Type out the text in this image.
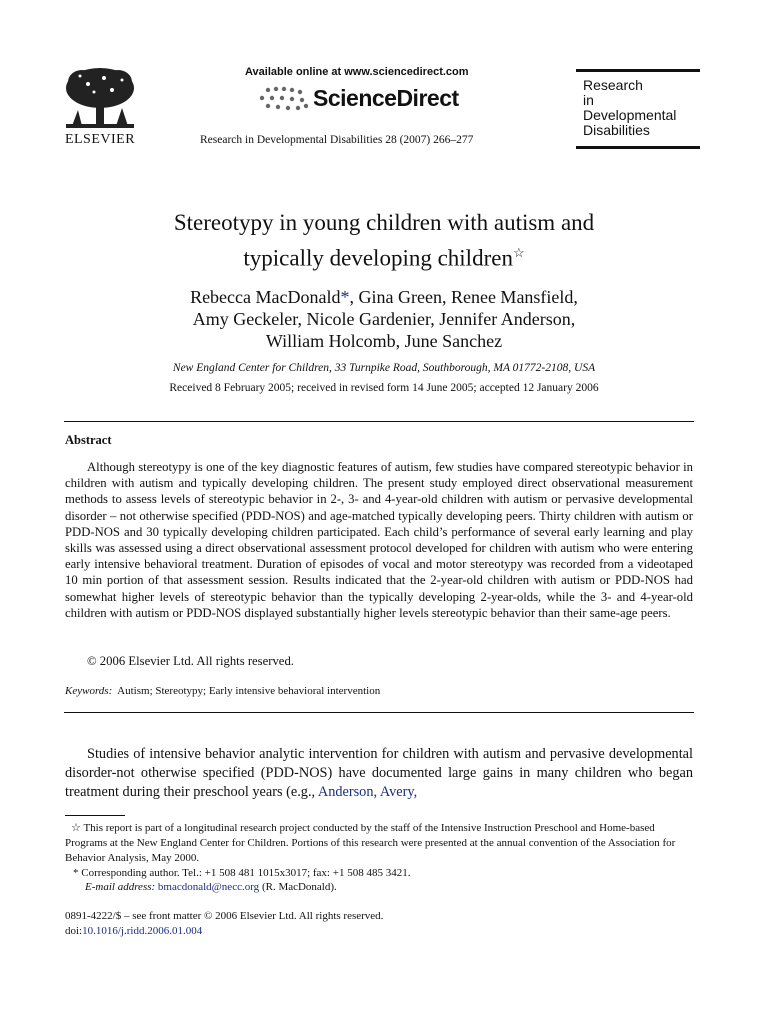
ELSEVIER
Available online at www.sciencedirect.com
ScienceDirect
Research in Developmental Disabilities 28 (2007) 266–277
Research
in
Developmental
Disabilities
Stereotypy in young children with autism and
typically developing children☆
Rebecca MacDonald*, Gina Green, Renee Mansfield,
Amy Geckeler, Nicole Gardenier, Jennifer Anderson,
William Holcomb, June Sanchez
New England Center for Children, 33 Turnpike Road, Southborough, MA 01772-2108, USA
Received 8 February 2005; received in revised form 14 June 2005; accepted 12 January 2006
Abstract

Although stereotypy is one of the key diagnostic features of autism, few studies have compared stereotypic behavior in children with autism and typically developing children. The present study employed direct observational measurement methods to assess levels of stereotypic behavior in 2-, 3- and 4-year-old children with autism or pervasive developmental disorder – not otherwise specified (PDD-NOS) and age-matched typically developing peers. Thirty children with autism or PDD-NOS and 30 typically developing children participated. Each child’s performance of several early learning and play skills was assessed using a direct observational assessment protocol developed for children with autism who were entering early intensive behavioral treatment. Duration of episodes of vocal and motor stereotypy was recorded from a videotaped 10 min portion of that assessment session. Results indicated that the 2-year-old children with autism or PDD-NOS had somewhat higher levels of stereotypic behavior than the typically developing 2-year-olds, while the 3- and 4-year-old children with autism or PDD-NOS displayed substantially higher levels stereotypic behavior than their same-age peers.

© 2006 Elsevier Ltd. All rights reserved.
Keywords: Autism; Stereotypy; Early intensive behavioral intervention

Studies of intensive behavior analytic intervention for children with autism and pervasive developmental disorder-not otherwise specified (PDD-NOS) have documented large gains in many children who began treatment during their preschool years (e.g., Anderson, Avery,

☆ This report is part of a longitudinal research project conducted by the staff of the Intensive Instruction Preschool and Home-based Programs at the New England Center for Children. Portions of this research were presented at the annual convention of the Association for Behavior Analysis, May 2000.

* Corresponding author. Tel.: +1 508 481 1015x3017; fax: +1 508 485 3421.
E-mail address: bmacdonald@necc.org (R. MacDonald).
0891-4222/$ – see front matter © 2006 Elsevier Ltd. All rights reserved.
doi:10.1016/j.ridd.2006.01.004
